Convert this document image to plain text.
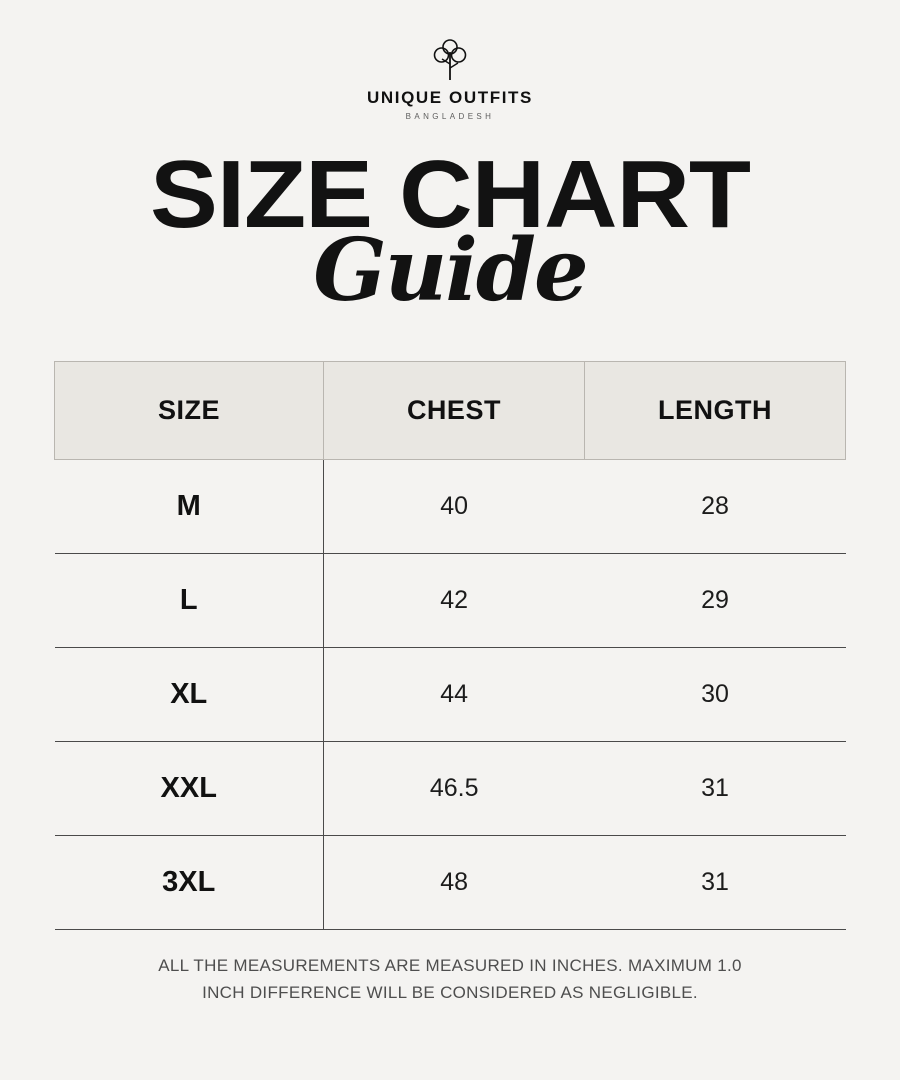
UNIQUE OUTFITS
BANGLADESH
SIZE CHART
Guide
SIZE	CHEST	LENGTH
M	40	28
L	42	29
XL	44	30
XXL	46.5	31
3XL	48	31
ALL THE MEASUREMENTS ARE MEASURED IN INCHES. MAXIMUM 1.0
INCH DIFFERENCE WILL BE CONSIDERED AS NEGLIGIBLE.
